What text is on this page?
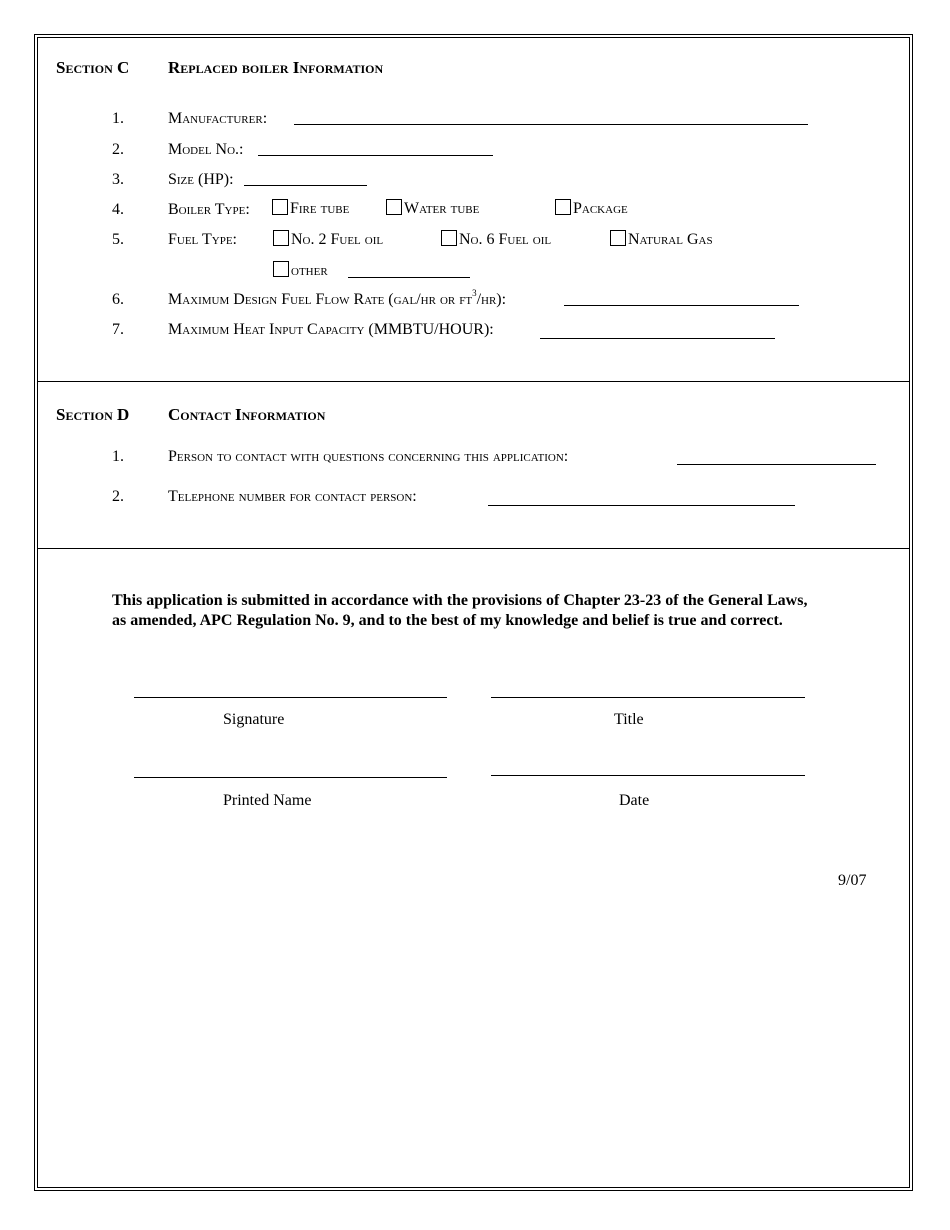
Section C Replaced boiler Information
1.	Manufacturer:
2.	Model No.:
3.	Size (HP):
4.	Boiler Type:	Fire tube	Water tube	Package
5.	Fuel Type:	No. 2 Fuel oil	No. 6 Fuel oil	Natural Gas
other
6.	Maximum Design Fuel Flow Rate (gal/hr or $ft^3/hr$):
7.	Maximum Heat Input Capacity (MMBTU/HOUR):
Section D Contact Information
1.	Person to contact with questions concerning this application:
2.	Telephone number for contact person:
This application is submitted in accordance with the provisions of Chapter 23-23 of the General Laws,
as amended, APC Regulation No. 9, and to the best of my knowledge and belief is true and correct.
Signature	Title
Printed Name	Date
9/07
